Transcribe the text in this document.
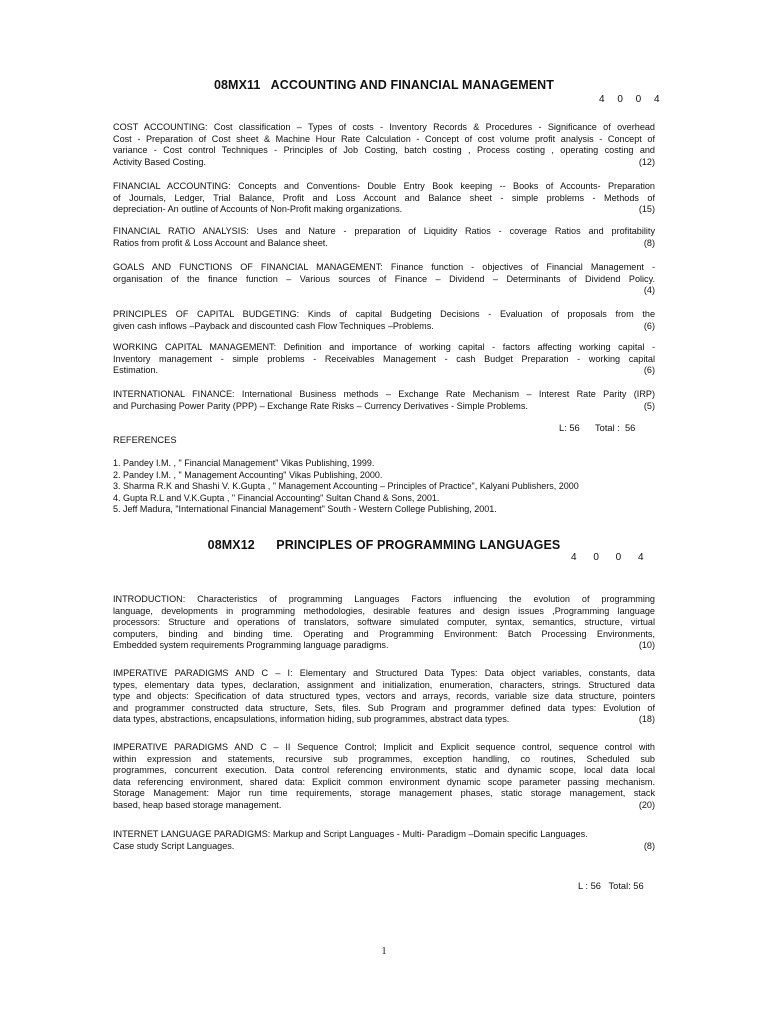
08MX11   ACCOUNTING AND FINANCIAL MANAGEMENT
4 0 0 4
COST ACCOUNTING: Cost classification – Types of costs - Inventory Records & Procedures - Significance of overhead
Cost - Preparation of Cost sheet & Machine Hour Rate Calculation - Concept of cost volume profit analysis - Concept of
variance - Cost control Techniques - Principles of Job Costing, batch costing , Process costing , operating costing and
Activity Based Costing.	(12)
FINANCIAL ACCOUNTING: Concepts and Conventions- Double Entry Book keeping -- Books of Accounts- Preparation
of Journals, Ledger, Trial Balance, Profit and Loss Account and Balance sheet - simple problems - Methods of
depreciation- An outline of Accounts of Non-Profit making organizations.	(15)
FINANCIAL RATIO ANALYSIS: Uses and Nature - preparation of Liquidity Ratios - coverage Ratios and profitability
Ratios from profit & Loss Account and Balance sheet.	(8)
GOALS AND FUNCTIONS OF FINANCIAL MANAGEMENT: Finance function - objectives of Financial Management -
organisation of the finance function – Various sources of Finance – Dividend – Determinants of Dividend Policy.
(4)
PRINCIPLES OF CAPITAL BUDGETING: Kinds of capital Budgeting Decisions - Evaluation of proposals from the
given cash inflows –Payback and discounted cash Flow Techniques –Problems.	(6)
WORKING CAPITAL MANAGEMENT: Definition and importance of working capital - factors affecting working capital -
Inventory management - simple problems - Receivables Management - cash Budget Preparation - working capital
Estimation.	(6)
INTERNATIONAL FINANCE: International Business methods – Exchange Rate Mechanism – Interest Rate Parity (IRP)
and Purchasing Power Parity (PPP) – Exchange Rate Risks – Currency Derivatives - Simple Problems.	(5)
L: 56      Total :  56
REFERENCES
1. Pandey I.M. , " Financial Management" Vikas Publishing, 1999.
2. Pandey I.M. , " Management Accounting" Vikas Publishing, 2000.
3. Sharma R.K and Shashi V. K.Gupta , " Management Accounting – Principles of Practice", Kalyani Publishers, 2000
4. Gupta R.L and V.K.Gupta , " Financial Accounting" Sultan Chand & Sons, 2001.
5. Jeff Madura, "International Financial Management" South - Western College Publishing, 2001.
08MX12      PRINCIPLES OF PROGRAMMING LANGUAGES
4 0 0 4
INTRODUCTION: Characteristics of programming Languages Factors influencing the evolution of programming
language, developments in programming methodologies, desirable features and design issues ,Programming language
processors: Structure and operations of translators, software simulated computer, syntax, semantics, structure, virtual
computers, binding and binding time. Operating and Programming Environment: Batch Processing Environments,
Embedded system requirements Programming language paradigms.	(10)
IMPERATIVE PARADIGMS AND C – I: Elementary and Structured Data Types: Data object variables, constants, data
types, elementary data types, declaration, assignment and initialization, enumeration, characters, strings. Structured data
type and objects: Specification of data structured types, vectors and arrays, records, variable size data structure, pointers
and programmer constructed data structure, Sets, files. Sub Program and programmer defined data types: Evolution of
data types, abstractions, encapsulations, information hiding, sub programmes, abstract data types.	(18)
IMPERATIVE PARADIGMS AND C – II Sequence Control; Implicit and Explicit sequence control, sequence control with
within expression and statements, recursive sub programmes, exception handling, co routines, Scheduled sub
programmes, concurrent execution. Data control referencing environments, static and dynamic scope, local data local
data referencing environment, shared data: Explicit common environment dynamic scope parameter passing mechanism.
Storage Management: Major run time requirements, storage management phases, static storage management, stack
based, heap based storage management.	(20)
INTERNET LANGUAGE PARADIGMS: Markup and Script Languages - Multi- Paradigm –Domain specific Languages.
Case study Script Languages.	(8)
L : 56   Total: 56
1
